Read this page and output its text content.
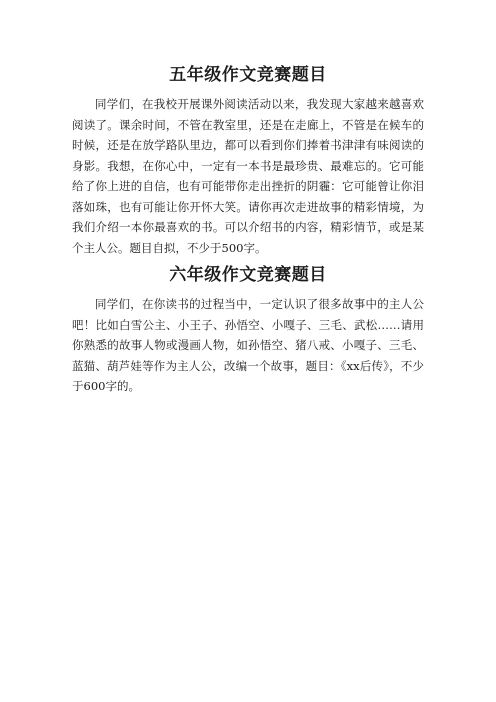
五年级作文竞赛题目

同学们，在我校开展课外阅读活动以来，我发现大家越来越喜欢阅读了。课余时间，不管在教室里，还是在走廊上，不管是在候车的时候，还是在放学路队里边，都可以看到你们捧着书津津有味阅读的身影。我想，在你心中，一定有一本书是最珍贵、最难忘的。它可能给了你上进的自信，也有可能带你走出挫折的阴霾：它可能曾让你泪落如珠，也有可能让你开怀大笑。请你再次走进故事的精彩情境，为我们介绍一本你最喜欢的书。可以介绍书的内容，精彩情节，或是某个主人公。题目自拟，不少于500字。

六年级作文竞赛题目

同学们，在你读书的过程当中，一定认识了很多故事中的主人公吧！比如白雪公主、小王子、孙悟空、小嘎子、三毛、武松……请用你熟悉的故事人物或漫画人物，如孙悟空、猪八戒、小嘎子、三毛、蓝猫、葫芦娃等作为主人公，改编一个故事，题目：《xx后传》，不少于600字的。
